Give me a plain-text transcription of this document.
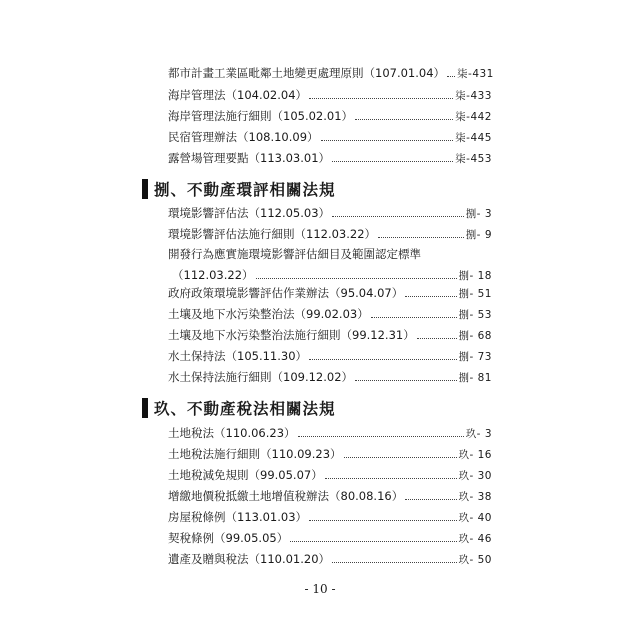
都市計畫工業區毗鄰土地變更處理原則（107.01.04） 柒-431
海岸管理法（104.02.04）	柒-433
海岸管理法施行細則（105.02.01）	柒-442
民宿管理辦法（108.10.09）	柒-445
露營場管理要點（113.03.01）	柒-453
捌、不動產環評相關法規
環境影響評估法（112.05.03）	捌- 3
環境影響評估法施行細則（112.03.22）	捌- 9
開發行為應實施環境影響評估細目及範圍認定標準
（112.03.22）	捌- 18
政府政策環境影響評估作業辦法（95.04.07）	捌- 51
土壤及地下水污染整治法（99.02.03）	捌- 53
土壤及地下水污染整治法施行細則（99.12.31）	捌- 68
水土保持法（105.11.30）	捌- 73
水土保持法施行細則（109.12.02）	捌- 81
玖、不動產稅法相關法規
土地稅法（110.06.23）	玖- 3
土地稅法施行細則（110.09.23）	玖- 16
土地稅減免規則（99.05.07）	玖- 30
增繳地價稅抵繳土地增值稅辦法（80.08.16）	玖- 38
房屋稅條例（113.01.03）	玖- 40
契稅條例（99.05.05）	玖- 46
遺產及贈與稅法（110.01.20）	玖- 50
- 10 -
